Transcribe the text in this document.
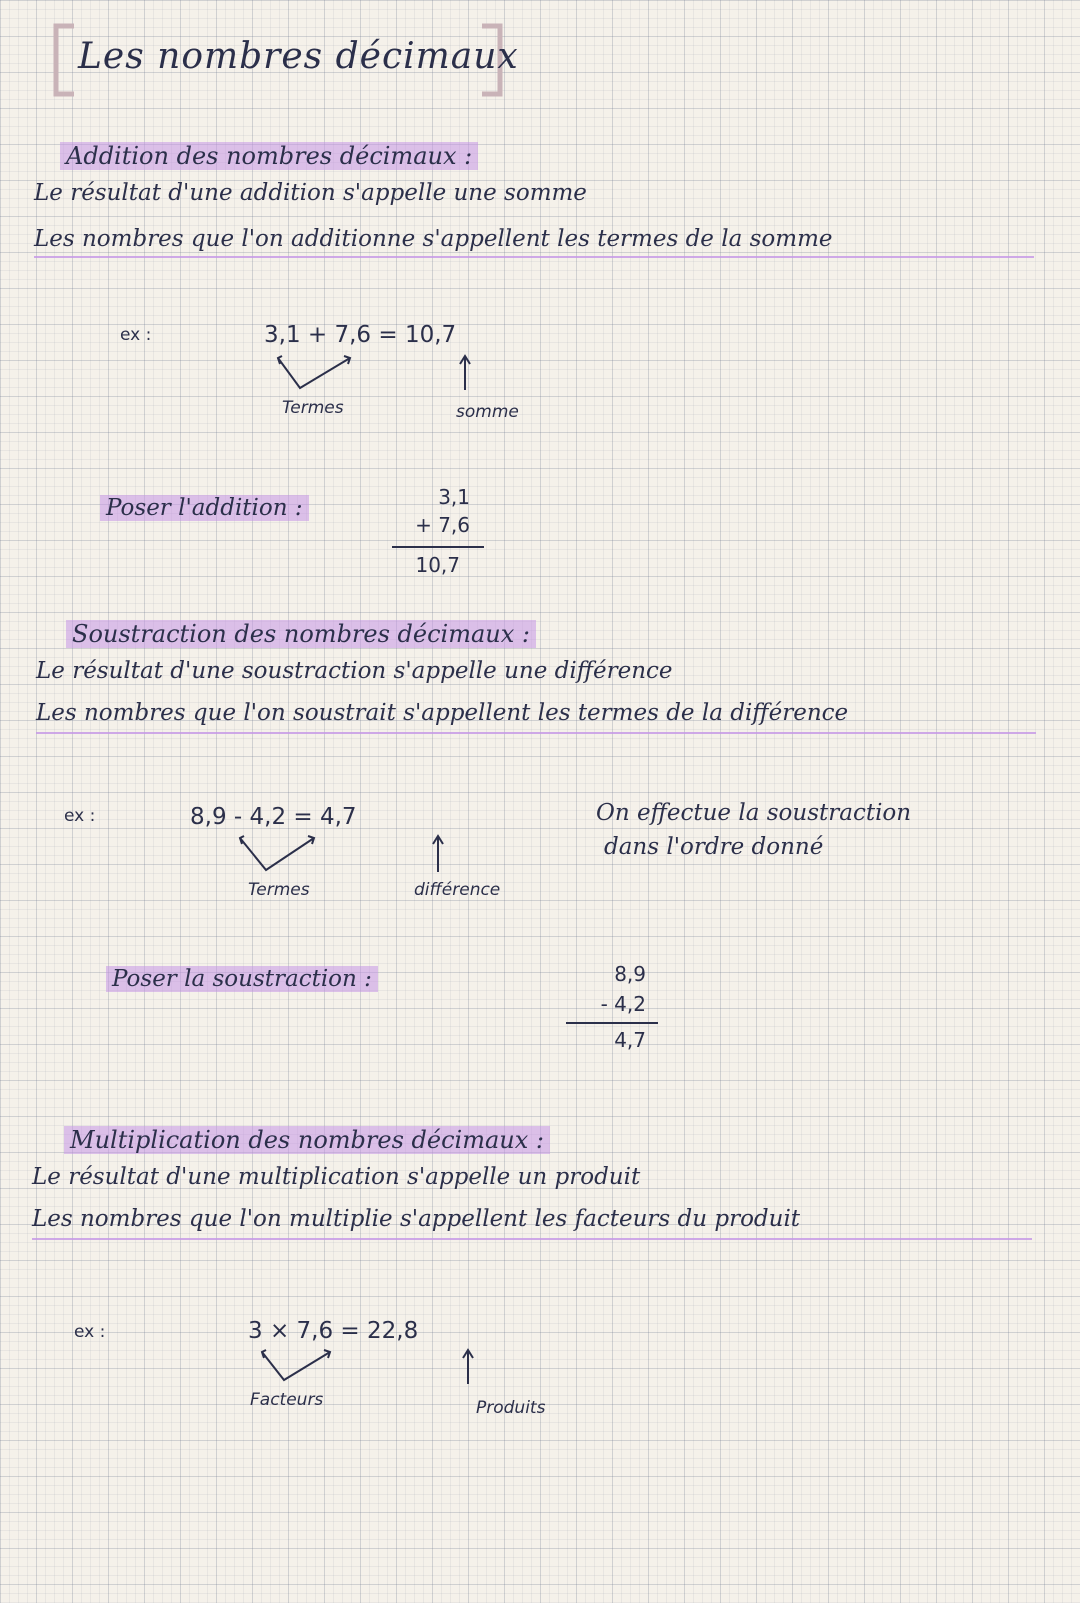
Les nombres décimaux
Addition des nombres décimaux :
Le résultat d'une addition s'appelle une somme
Les nombres que l'on additionne s'appellent les termes de la somme
ex :	3,1 + 7,6 = 10,7
Termes	somme
Poser l'addition :	3,1
+ 7,6
10,7
Soustraction des nombres décimaux :
Le résultat d'une soustraction s'appelle une différence
Les nombres que l'on soustrait s'appellent les termes de la différence
ex :	8,9 - 4,2 = 4,7
Termes	différence
On effectue la soustraction
dans l'ordre donné
Poser la soustraction :	8,9
- 4,2
4,7
Multiplication des nombres décimaux :
Le résultat d'une multiplication s'appelle un produit
Les nombres que l'on multiplie s'appellent les facteurs du produit
ex :	3 × 7,6 = 22,8
Facteurs	Produits
